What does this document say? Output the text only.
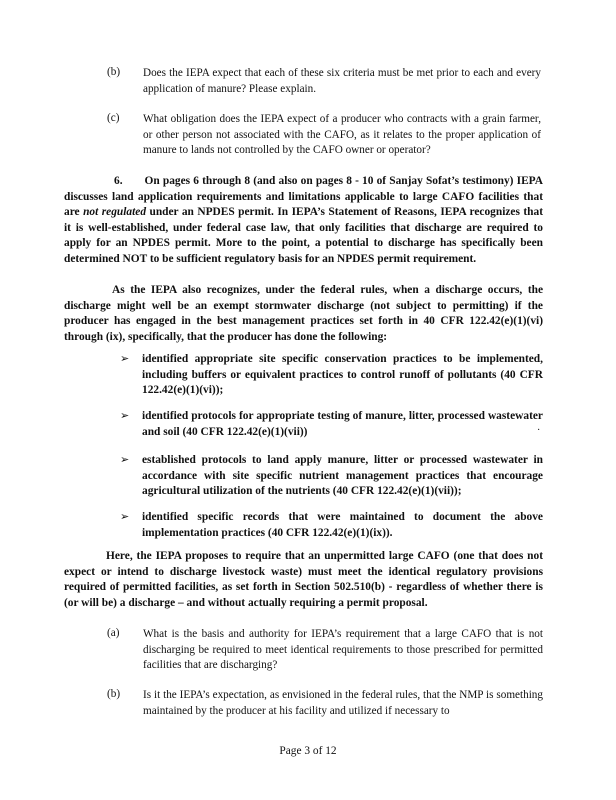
(b) Does the IEPA expect that each of these six criteria must be met prior to each and every application of manure? Please explain.
(c) What obligation does the IEPA expect of a producer who contracts with a grain farmer, or other person not associated with the CAFO, as it relates to the proper application of manure to lands not controlled by the CAFO owner or operator?
6. On pages 6 through 8 (and also on pages 8 - 10 of Sanjay Sofat’s testimony) IEPA discusses land application requirements and limitations applicable to large CAFO facilities that are not regulated under an NPDES permit. In IEPA’s Statement of Reasons, IEPA recognizes that it is well-established, under federal case law, that only facilities that discharge are required to apply for an NPDES permit. More to the point, a potential to discharge has specifically been determined NOT to be sufficient regulatory basis for an NPDES permit requirement.
As the IEPA also recognizes, under the federal rules, when a discharge occurs, the discharge might well be an exempt stormwater discharge (not subject to permitting) if the producer has engaged in the best management practices set forth in 40 CFR 122.42(e)(1)(vi) through (ix), specifically, that the producer has done the following:
➢ identified appropriate site specific conservation practices to be implemented, including buffers or equivalent practices to control runoff of pollutants (40 CFR 122.42(e)(1)(vi));
➢ identified protocols for appropriate testing of manure, litter, processed wastewater and soil (40 CFR 122.42(e)(1)(vii))	·
➢ established protocols to land apply manure, litter or processed wastewater in accordance with site specific nutrient management practices that encourage agricultural utilization of the nutrients (40 CFR 122.42(e)(1)(vii));
➢ identified specific records that were maintained to document the above implementation practices (40 CFR 122.42(e)(1)(ix)).
Here, the IEPA proposes to require that an unpermitted large CAFO (one that does not expect or intend to discharge livestock waste) must meet the identical regulatory provisions required of permitted facilities, as set forth in Section 502.510(b) - regardless of whether there is (or will be) a discharge – and without actually requiring a permit proposal.
(a) What is the basis and authority for IEPA’s requirement that a large CAFO that is not discharging be required to meet identical requirements to those prescribed for permitted facilities that are discharging?
(b) Is it the IEPA’s expectation, as envisioned in the federal rules, that the NMP is something maintained by the producer at his facility and utilized if necessary to
Page 3 of 12
